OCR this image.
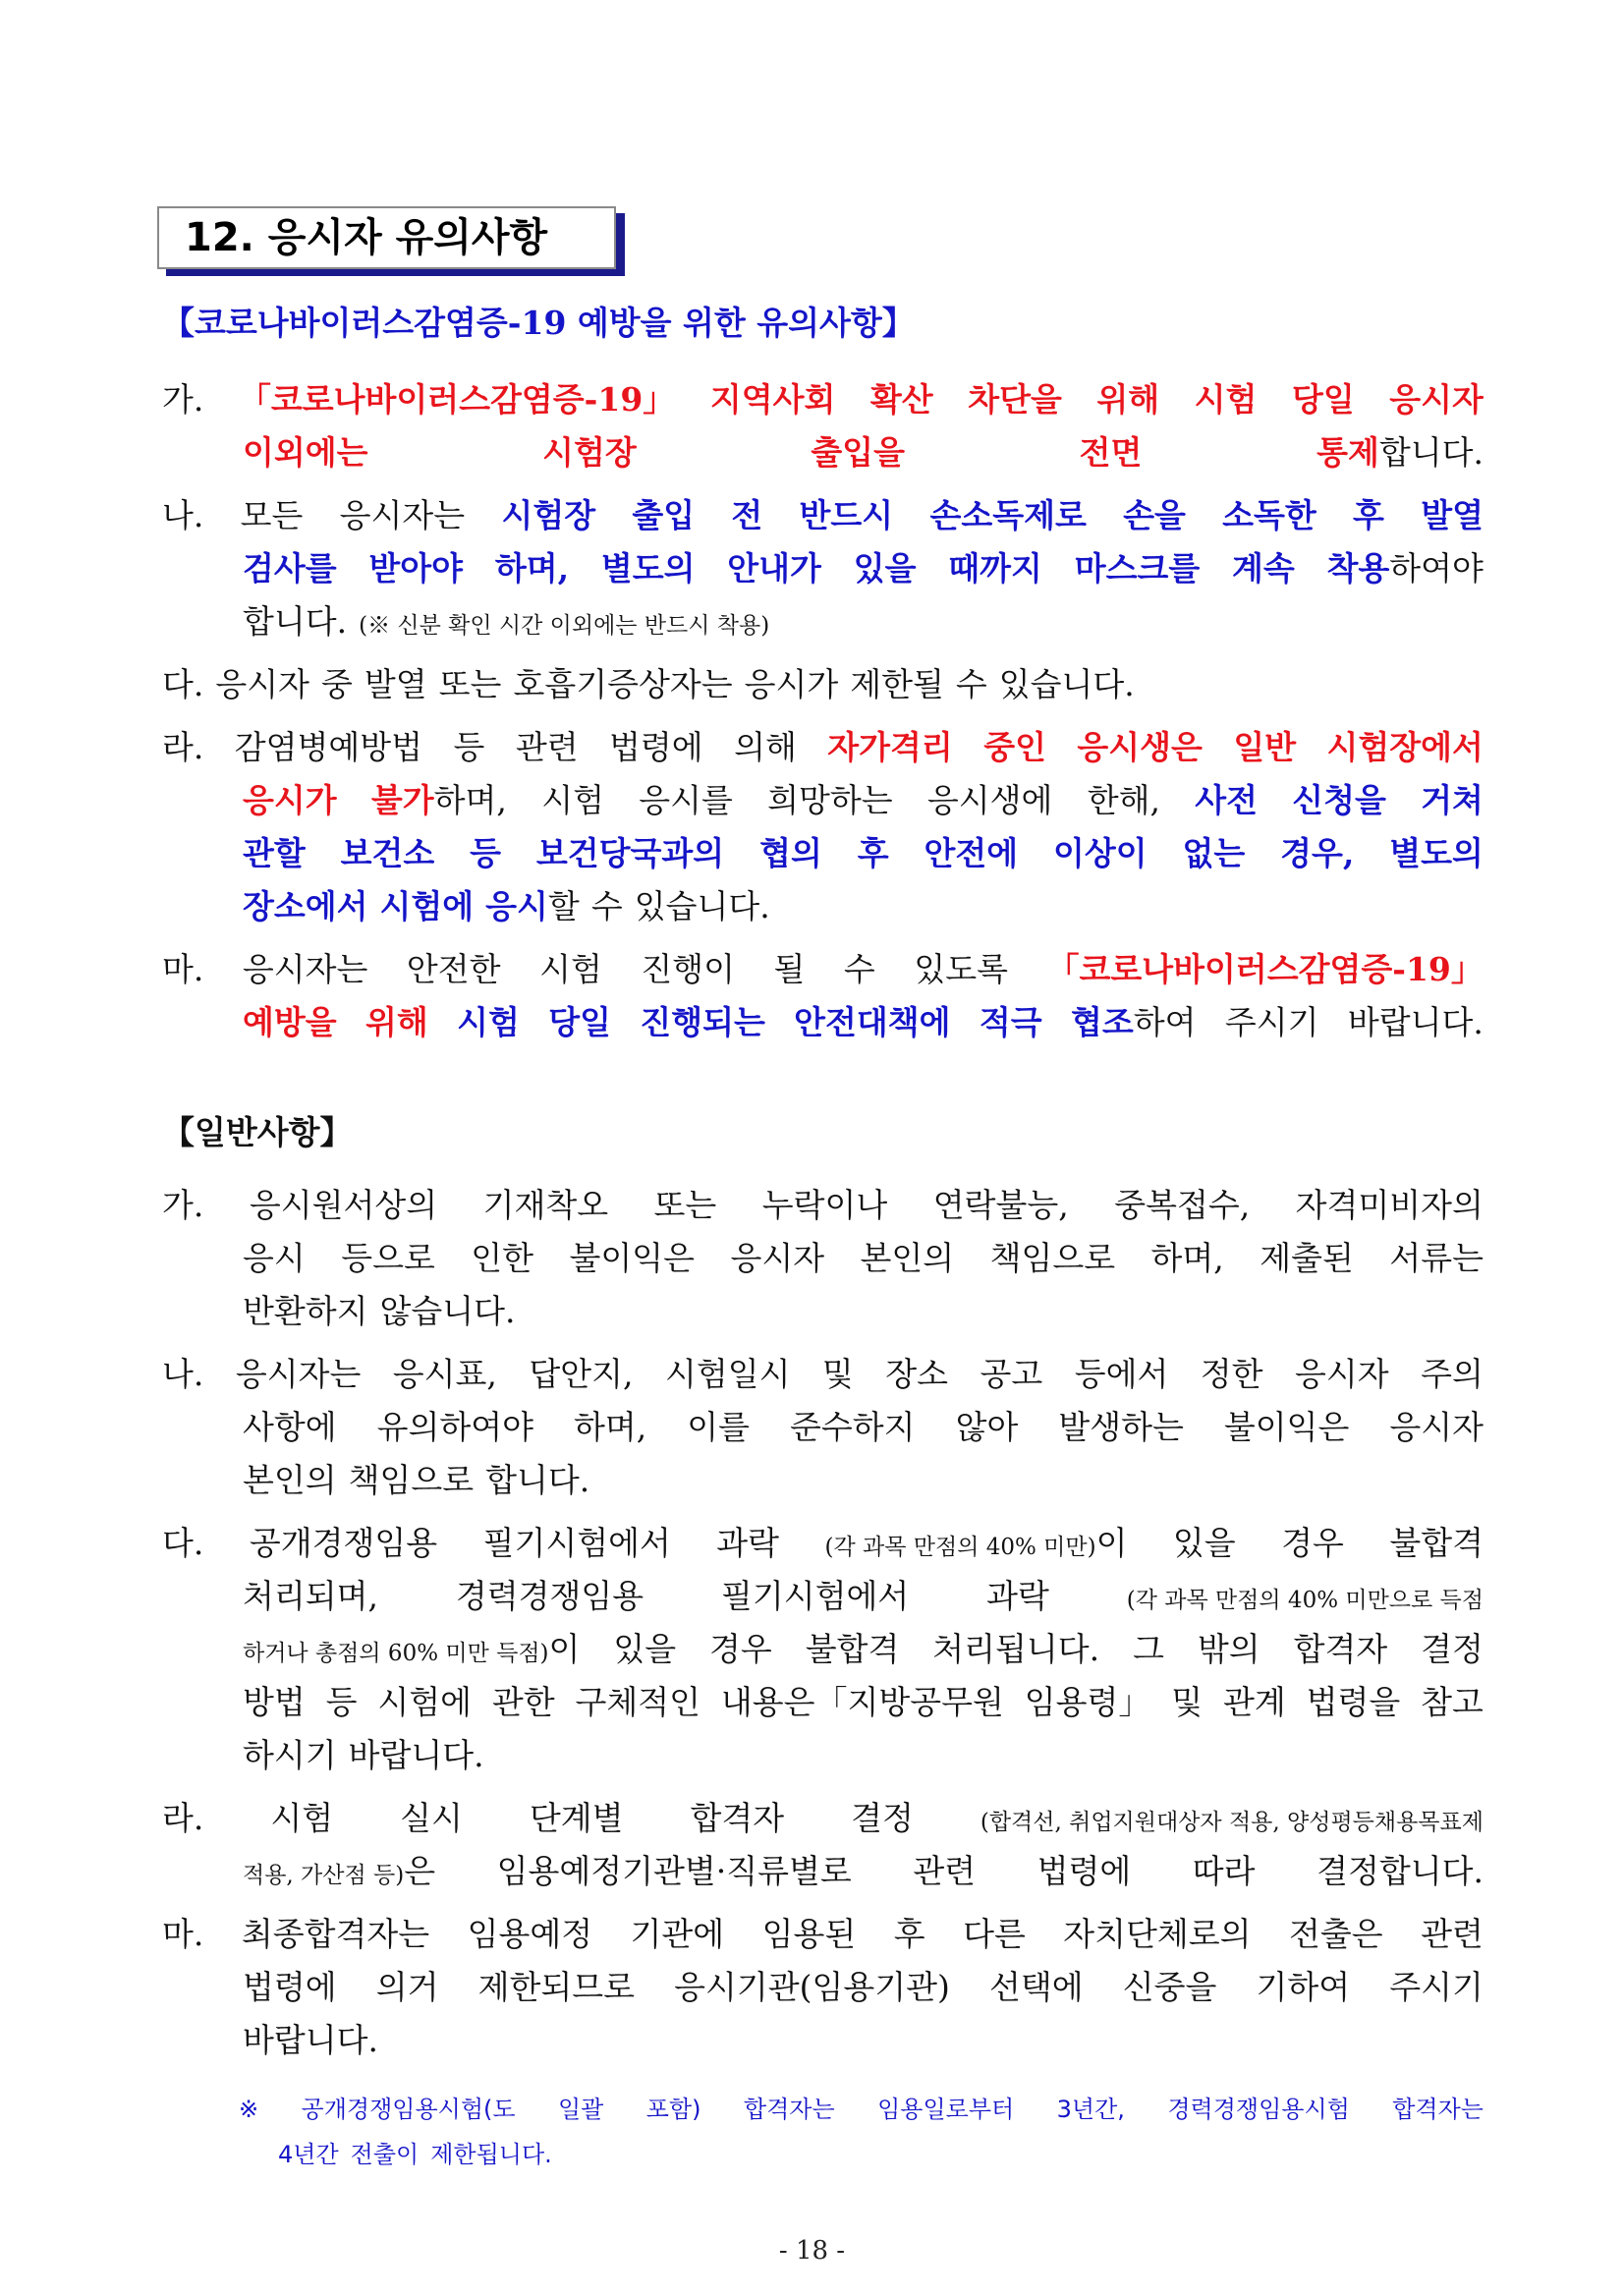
12. 응시자 유의사항
【코로나바이러스감염증-19 예방을 위한 유의사항】
가. 「코로나바이러스감염증-19」 지역사회 확산 차단을 위해 시험 당일 응시자
이외에는	시험장	출입을	전면	통제합니다.
나. 모든 응시자는 시험장 출입 전 반드시 손소독제로 손을 소독한 후 발열
검사를 받아야 하며, 별도의 안내가 있을 때까지 마스크를 계속 착용하여야
합니다. (※ 신분 확인 시간 이외에는 반드시 착용)
다. 응시자 중 발열 또는 호흡기증상자는 응시가 제한될 수 있습니다.
라. 감염병예방법 등 관련 법령에 의해 자가격리 중인 응시생은 일반 시험장에서
응시가 불가하며, 시험 응시를 희망하는 응시생에 한해, 사전 신청을 거쳐
관할 보건소 등 보건당국과의 협의 후 안전에 이상이 없는 경우, 별도의
장소에서 시험에 응시할 수 있습니다.
마. 응시자는 안전한 시험 진행이 될 수 있도록 「코로나바이러스감염증-19」
예방을 위해 시험 당일 진행되는 안전대책에 적극 협조하여 주시기 바랍니다.
【일반사항】
가. 응시원서상의 기재착오 또는 누락이나 연락불능, 중복접수, 자격미비자의
응시 등으로 인한 불이익은 응시자 본인의 책임으로 하며, 제출된 서류는
반환하지 않습니다.
나. 응시자는 응시표, 답안지, 시험일시 및 장소 공고 등에서 정한 응시자 주의
사항에 유의하여야 하며, 이를 준수하지 않아 발생하는 불이익은 응시자
본인의 책임으로 합니다.
다. 공개경쟁임용 필기시험에서 과락 (각 과목 만점의 40% 미만)이 있을 경우 불합격
처리되며, 경력경쟁임용 필기시험에서 과락	(각 과목 만점의 40% 미만으로 득점
하거나 총점의 60% 미만 득점)이 있을 경우 불합격 처리됩니다. 그 밖의 합격자 결정
방법 등 시험에 관한 구체적인 내용은「지방공무원 임용령」 및 관계 법령을 참고
하시기 바랍니다.
라. 시험 실시 단계별 합격자 결정	(합격선, 취업지원대상자 적용, 양성평등채용목표제
적용, 가산점 등)은 임용예정기관별·직류별로 관련 법령에 따라 결정합니다.
마. 최종합격자는 임용예정 기관에 임용된 후 다른 자치단체로의 전출은 관련
법령에 의거 제한되므로 응시기관(임용기관) 선택에 신중을 기하여 주시기
바랍니다.
※ 공개경쟁임용시험(도 일괄 포함) 합격자는 임용일로부터 3년간, 경력경쟁임용시험 합격자는
4년간 전출이 제한됩니다.
- 18 -
